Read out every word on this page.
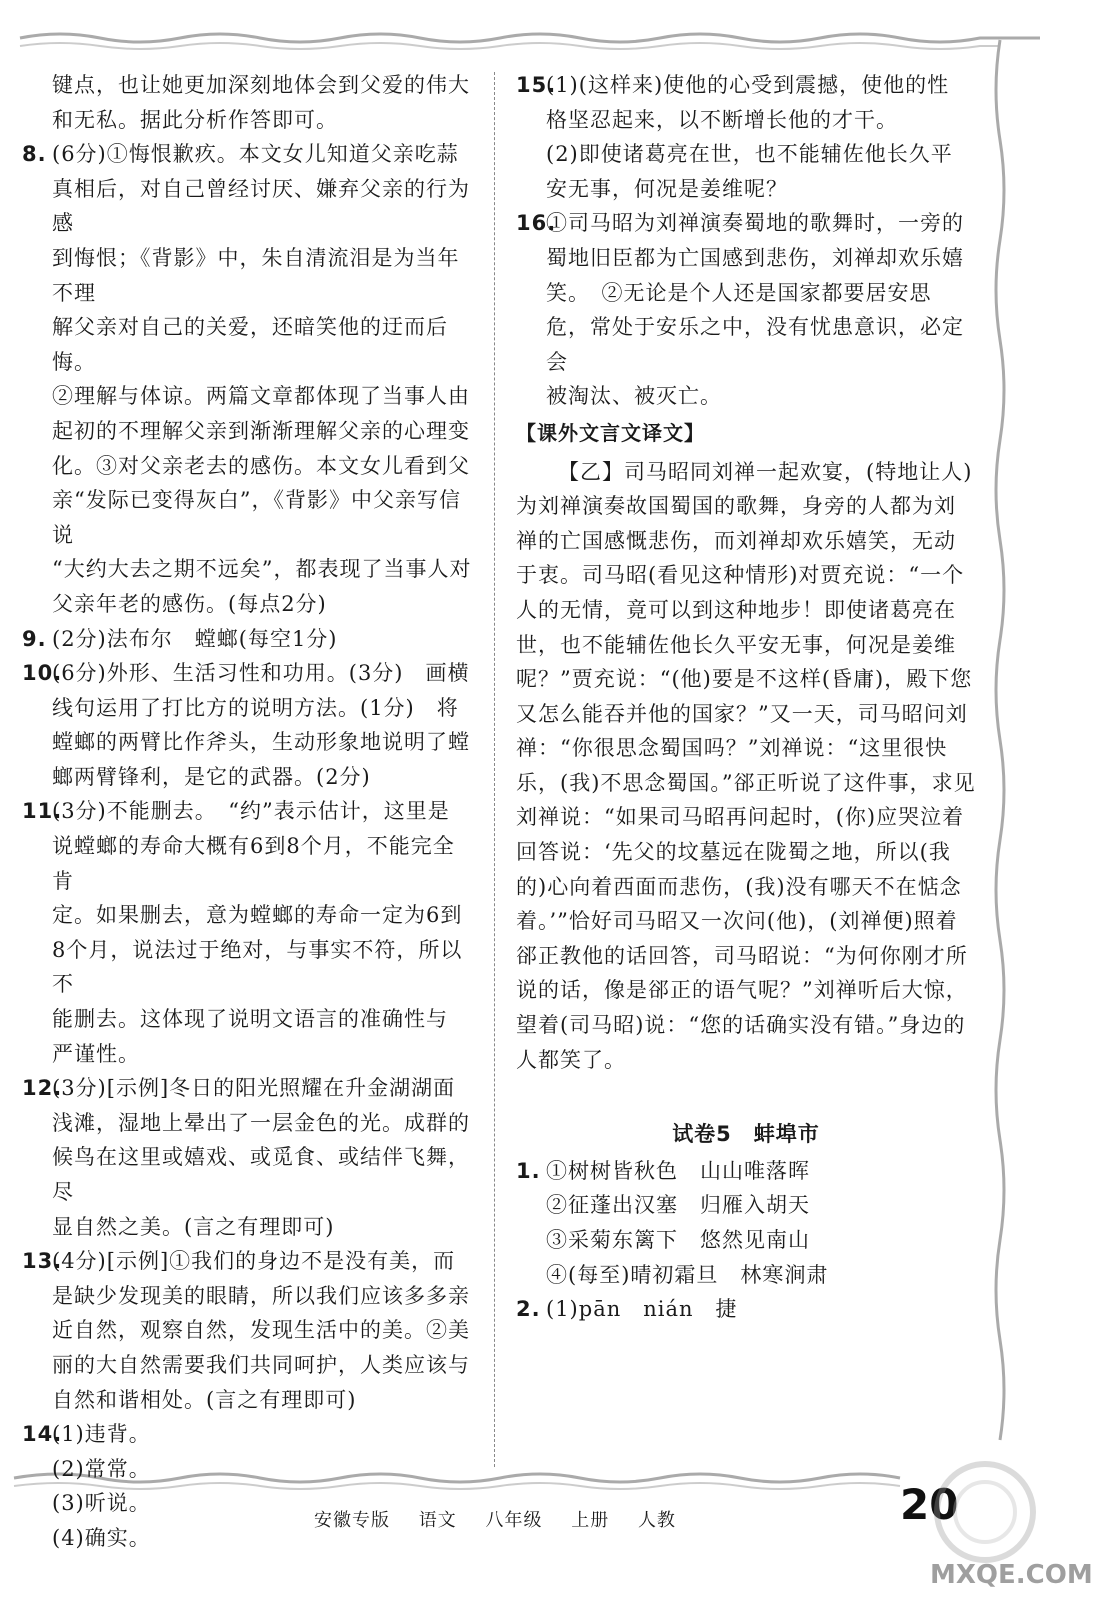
键点，也让她更加深刻地体会到父爱的伟大

和无私。据此分析作答即可。

8. (6分)①悔恨歉疚。本文女儿知道父亲吃蒜

真相后，对自己曾经讨厌、嫌弃父亲的行为感

到悔恨；《背影》中，朱自清流泪是为当年不理

解父亲对自己的关爱，还暗笑他的迂而后悔。

②理解与体谅。两篇文章都体现了当事人由

起初的不理解父亲到渐渐理解父亲的心理变

化。③对父亲老去的感伤。本文女儿看到父

亲“发际已变得灰白”，《背影》中父亲写信说

“大约大去之期不远矣”，都表现了当事人对

父亲年老的感伤。(每点2分)

9. (2分)法布尔　螳螂(每空1分)

10.

(6分)外形、生活习性和功用。(3分)　画横

线句运用了打比方的说明方法。(1分)　将

螳螂的两臂比作斧头，生动形象地说明了螳

螂两臂锋利，是它的武器。(2分)

11.

(3分)不能删去。　“约”表示估计，这里是

说螳螂的寿命大概有6到8个月，不能完全肯

定。如果删去，意为螳螂的寿命一定为6到

8个月，说法过于绝对，与事实不符，所以不

能删去。这体现了说明文语言的准确性与

严谨性。

12.

(3分)[示例]冬日的阳光照耀在升金湖湖面

浅滩，湿地上晕出了一层金色的光。成群的

候鸟在这里或嬉戏、或觅食、或结伴飞舞，尽

显自然之美。(言之有理即可)

13.

(4分)[示例]①我们的身边不是没有美，而

是缺少发现美的眼睛，所以我们应该多多亲

近自然，观察自然，发现生活中的美。②美

丽的大自然需要我们共同呵护，人类应该与

自然和谐相处。(言之有理即可)

14.

(1)违背。

(2)常常。

(3)听说。

(4)确实。

15.

(1)(这样来)使他的心受到震撼，使他的性

格坚忍起来，以不断增长他的才干。

(2)即使诸葛亮在世，也不能辅佐他长久平

安无事，何况是姜维呢？

16.

①司马昭为刘禅演奏蜀地的歌舞时，一旁的

蜀地旧臣都为亡国感到悲伤，刘禅却欢乐嬉

笑。　②无论是个人还是国家都要居安思

危，常处于安乐之中，没有忧患意识，必定会

被淘汰、被灭亡。

【课外文言文译文】

【乙】司马昭同刘禅一起欢宴，(特地让人)为刘禅演奏故国蜀国的歌舞，身旁的人都为刘禅的亡国感慨悲伤，而刘禅却欢乐嬉笑，无动于衷。司马昭(看见这种情形)对贾充说：“一个人的无情，竟可以到这种地步！即使诸葛亮在世，也不能辅佐他长久平安无事，何况是姜维呢？”贾充说：“(他)要是不这样(昏庸)，殿下您又怎么能吞并他的国家？”又一天，司马昭问刘禅：“你很思念蜀国吗？”刘禅说：“这里很快乐，(我)不思念蜀国。”郤正听说了这件事，求见刘禅说：“如果司马昭再问起时，(你)应哭泣着回答说：‘先父的坟墓远在陇蜀之地，所以(我的)心向着西面而悲伤，(我)没有哪天不在惦念着。’”恰好司马昭又一次问(他)，(刘禅便)照着郤正教他的话回答，司马昭说：“为何你刚才所说的话，像是郤正的语气呢？”刘禅听后大惊，望着(司马昭)说：“您的话确实没有错。”身边的人都笑了。

试卷5　蚌埠市
1. ①树树皆秋色　山山唯落晖

②征蓬出汉塞　归雁入胡天

③采菊东篱下　悠然见南山

④(每至)晴初霜旦　林寒涧肃

2. (1)pān　nián　捷

安徽专版 语文 八年级 上册 人教	20
MXQE.COM
